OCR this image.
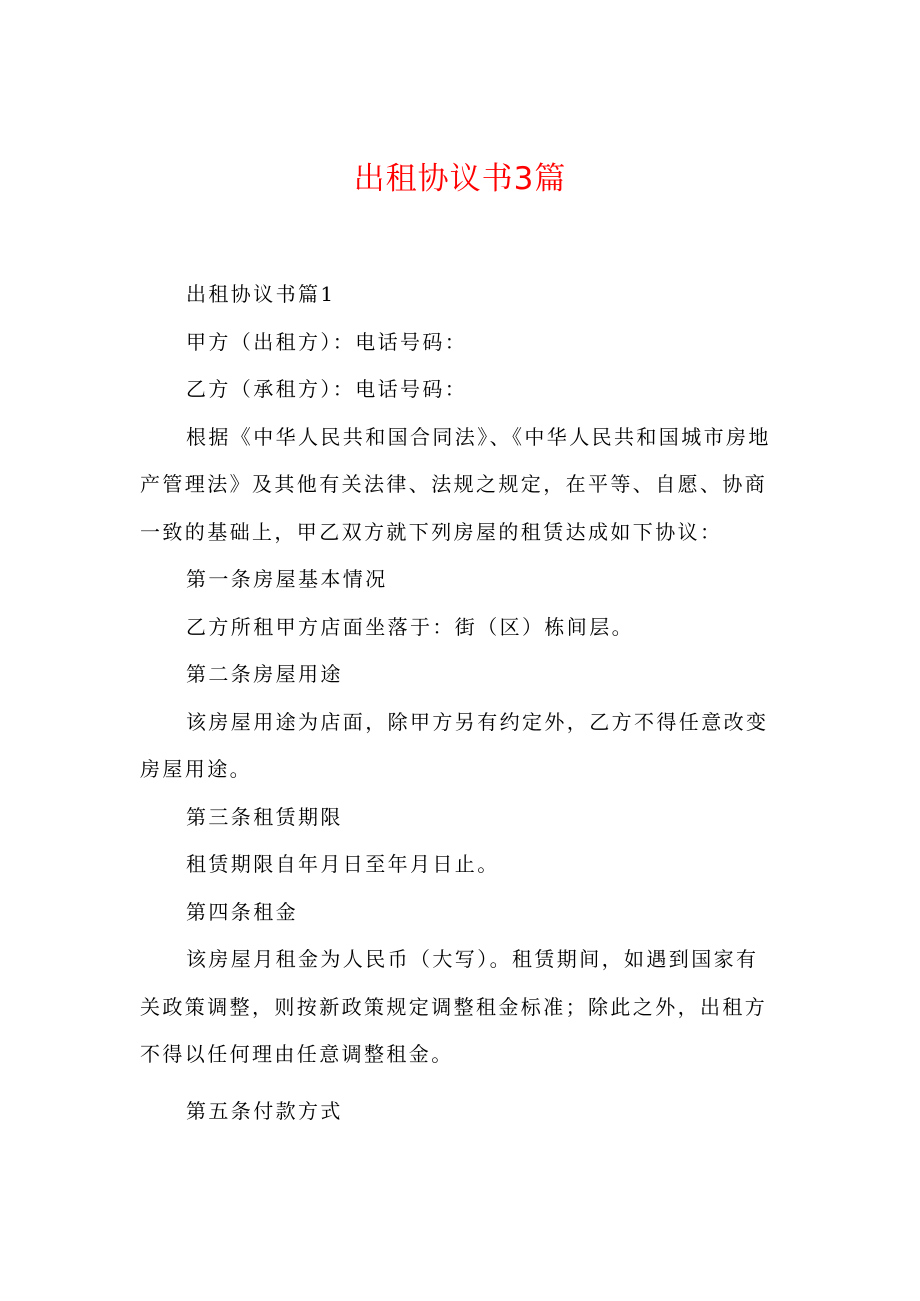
出租协议书3篇

出租协议书篇1

甲方（出租方）：电话号码：

乙方（承租方）：电话号码：

根据《中华人民共和国合同法》、《中华人民共和国城市房地产管理法》及其他有关法律、法规之规定，在平等、自愿、协商一致的基础上，甲乙双方就下列房屋的租赁达成如下协议：

第一条房屋基本情况

乙方所租甲方店面坐落于：街（区）栋间层。

第二条房屋用途

该房屋用途为店面，除甲方另有约定外，乙方不得任意改变房屋用途。

第三条租赁期限

租赁期限自年月日至年月日止。

第四条租金

该房屋月租金为人民币（大写）。租赁期间，如遇到国家有关政策调整，则按新政策规定调整租金标准；除此之外，出租方不得以任何理由任意调整租金。

第五条付款方式
